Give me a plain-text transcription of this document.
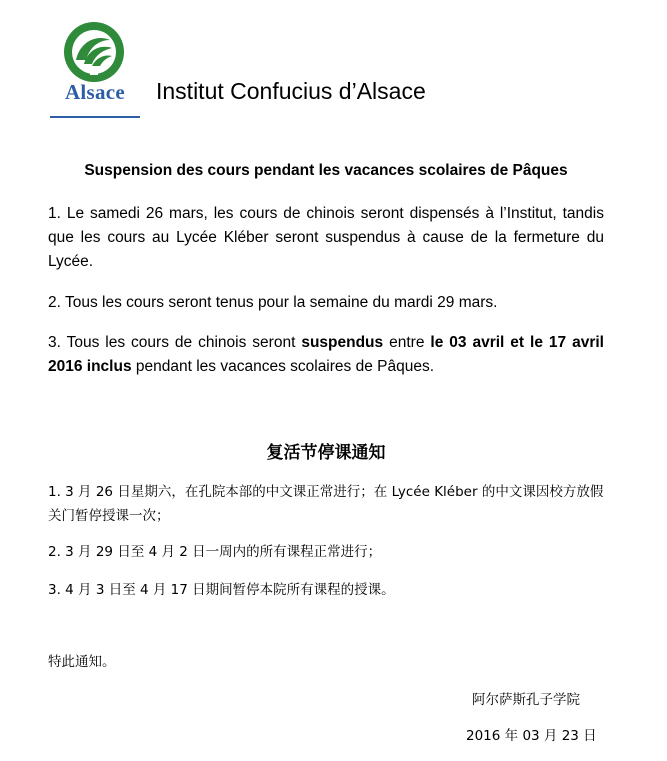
Alsace	Institut Confucius d’Alsace
Suspension des cours pendant les vacances scolaires de Pâques
1. Le samedi 26 mars, les cours de chinois seront dispensés à l’Institut, tandis que les cours au Lycée Kléber seront suspendus à cause de la fermeture du Lycée.
2. Tous les cours seront tenus pour la semaine du mardi 29 mars.
3. Tous les cours de chinois seront suspendus entre le 03 avril et le 17 avril 2016 inclus pendant les vacances scolaires de Pâques.
复活节停课通知
1. 3 月 26 日星期六，在孔院本部的中文课正常进行；在 Lycée Kléber 的中文课因校方放假关门暂停授课一次；
2. 3 月 29 日至 4 月 2 日一周内的所有课程正常进行；
3. 4 月 3 日至 4 月 17 日期间暂停本院所有课程的授课。
特此通知。
阿尔萨斯孔子学院
2016 年 03 月 23 日
